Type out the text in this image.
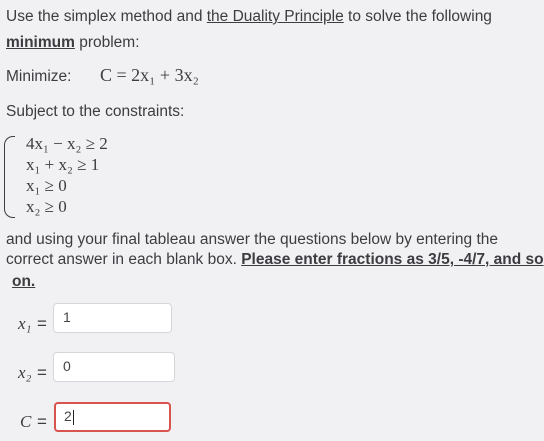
Use the simplex method and the Duality Principle to solve the following
minimum problem:
Minimize: C = 2x₁ + 3x₂
Subject to the constraints:
4x₁ − x₂ ≥ 2
x₁ + x₂ ≥ 1
x₁ ≥ 0
x₂ ≥ 0
and using your final tableau answer the questions below by entering the
correct answer in each blank box. Please enter fractions as 3/5, -4/7, and so
on.
x₁ =	1
x₂ =	0
C =	2
